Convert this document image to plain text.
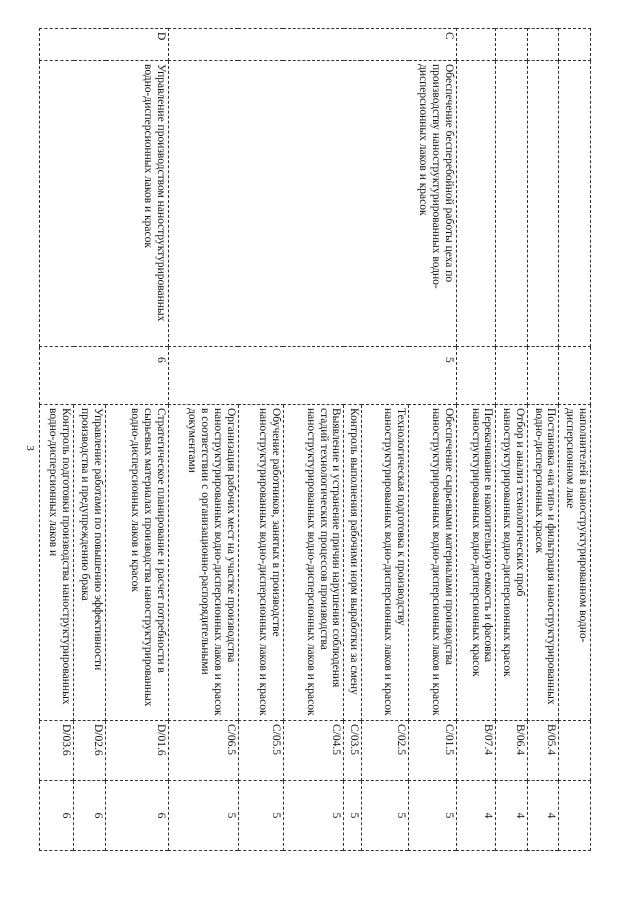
3
				наполнителей в наноструктурированном водно-дисперсионном лаке		
			Постановка «на тип» и фильтрация наноструктурированных водно-дисперсионных красок	B/05.4	4
			Отбор и анализ технологических проб наноструктурированных водно-дисперсионных красок	B/06.4	4
			Перекачивание в накопительную емкость и фасовка наноструктурированных водно-дисперсионных красок	B/07.4	4
C	Обеспечение бесперебойной работы цеха по производству наноструктурированных водно-дисперсионных лаков и красок	5	Обеспечение сырьевыми материалами производства наноструктурированных водно-дисперсионных лаков и красок	C/01.5	5
			Технологическая подготовка к производству наноструктурированных водно-дисперсионных лаков и красок	C/02.5	5
			Контроль выполнения рабочими норм выработки за смену	C/03.5	5
			Выявление и устранение причин нарушения соблюдения стадий технологических процессов производства наноструктурированных водно-дисперсионных лаков и красок	C/04.5	5
			Обучение работников, занятых в производстве наноструктурированных водно-дисперсионных лаков и красок	C/05.5	5
			Организация рабочих мест на участке производства наноструктурированных водно-дисперсионных лаков и красок в соответствии с организационно-распорядительными документами	C/06.5	5
D	Управление производством наноструктурированных водно-дисперсионных лаков и красок	6	Стратегическое планирование и расчет потребности в сырьевых материалах производства наноструктурированных водно-дисперсионных лаков и красок	D/01.6	6
			Управление работами по повышению эффективности производства и предупреждению брака	D/02.6	6
			Контроль подготовки производства наноструктурированных водно-дисперсионных лаков и	D/03.6	6
